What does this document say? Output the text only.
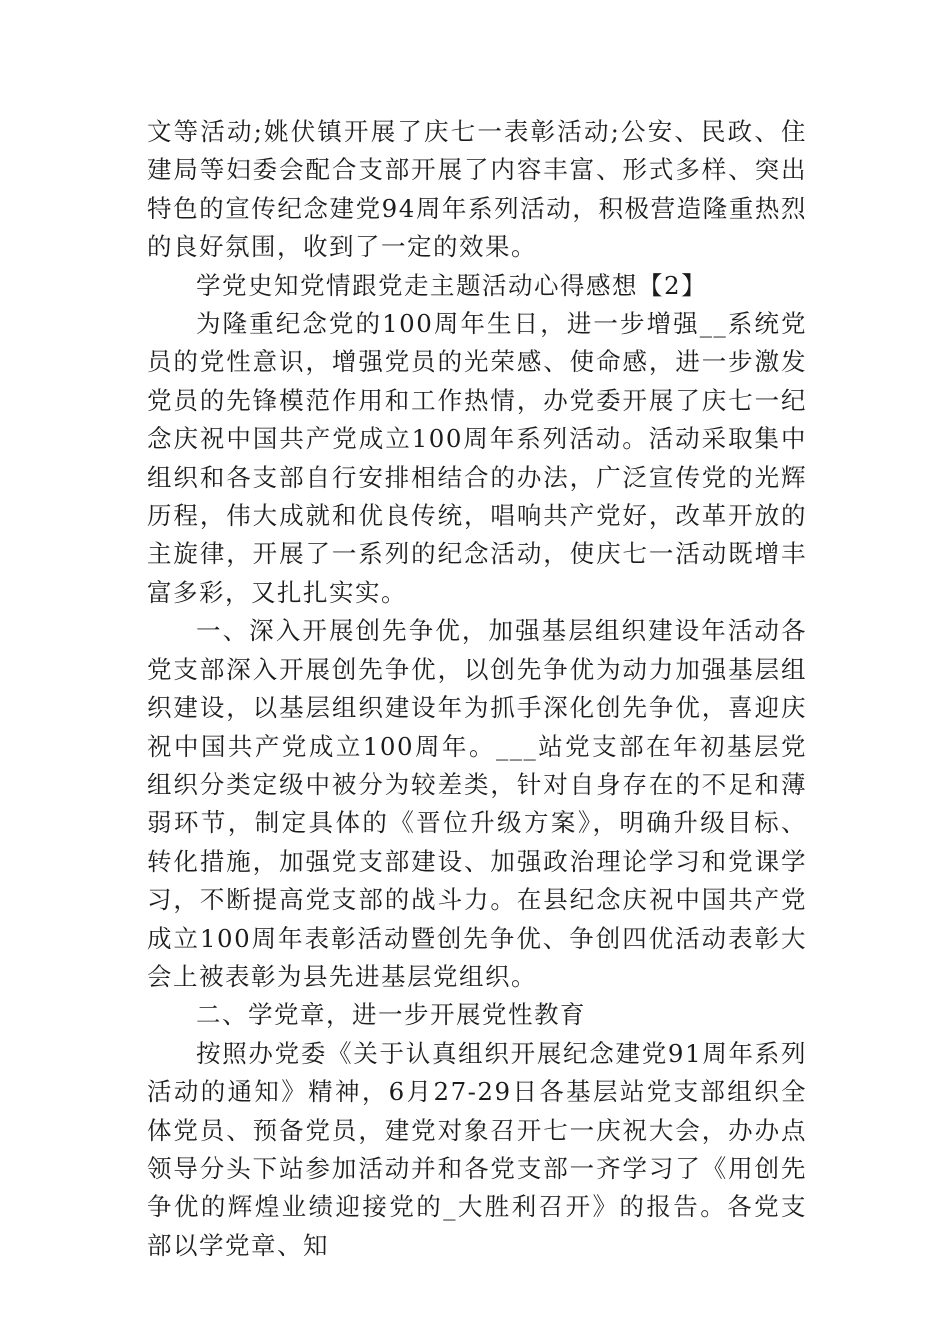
文等活动;姚伏镇开展了庆七一表彰活动;公安、民政、住建局等妇委会配合支部开展了内容丰富、形式多样、突出特色的宣传纪念建党94周年系列活动，积极营造隆重热烈的良好氛围，收到了一定的效果。

学党史知党情跟党走主题活动心得感想【2】

为隆重纪念党的100周年生日，进一步增强__系统党员的党性意识，增强党员的光荣感、使命感，进一步激发党员的先锋模范作用和工作热情，办党委开展了庆七一纪念庆祝中国共产党成立100周年系列活动。活动采取集中组织和各支部自行安排相结合的办法，广泛宣传党的光辉历程，伟大成就和优良传统，唱响共产党好，改革开放的主旋律，开展了一系列的纪念活动，使庆七一活动既增丰富多彩，又扎扎实实。

一、深入开展创先争优，加强基层组织建设年活动各党支部深入开展创先争优，以创先争优为动力加强基层组织建设，以基层组织建设年为抓手深化创先争优，喜迎庆祝中国共产党成立100周年。___站党支部在年初基层党组织分类定级中被分为较差类，针对自身存在的不足和薄弱环节，制定具体的《晋位升级方案》，明确升级目标、转化措施，加强党支部建设、加强政治理论学习和党课学习，不断提高党支部的战斗力。在县纪念庆祝中国共产党成立100周年表彰活动暨创先争优、争创四优活动表彰大会上被表彰为县先进基层党组织。

二、学党章，进一步开展党性教育

按照办党委《关于认真组织开展纪念建党91周年系列活动的通知》精神，6月27-29日各基层站党支部组织全体党员、预备党员，建党对象召开七一庆祝大会，办办点领导分头下站参加活动并和各党支部一齐学习了《用创先争优的辉煌业绩迎接党的_大胜利召开》的报告。各党支部以学党章、知
